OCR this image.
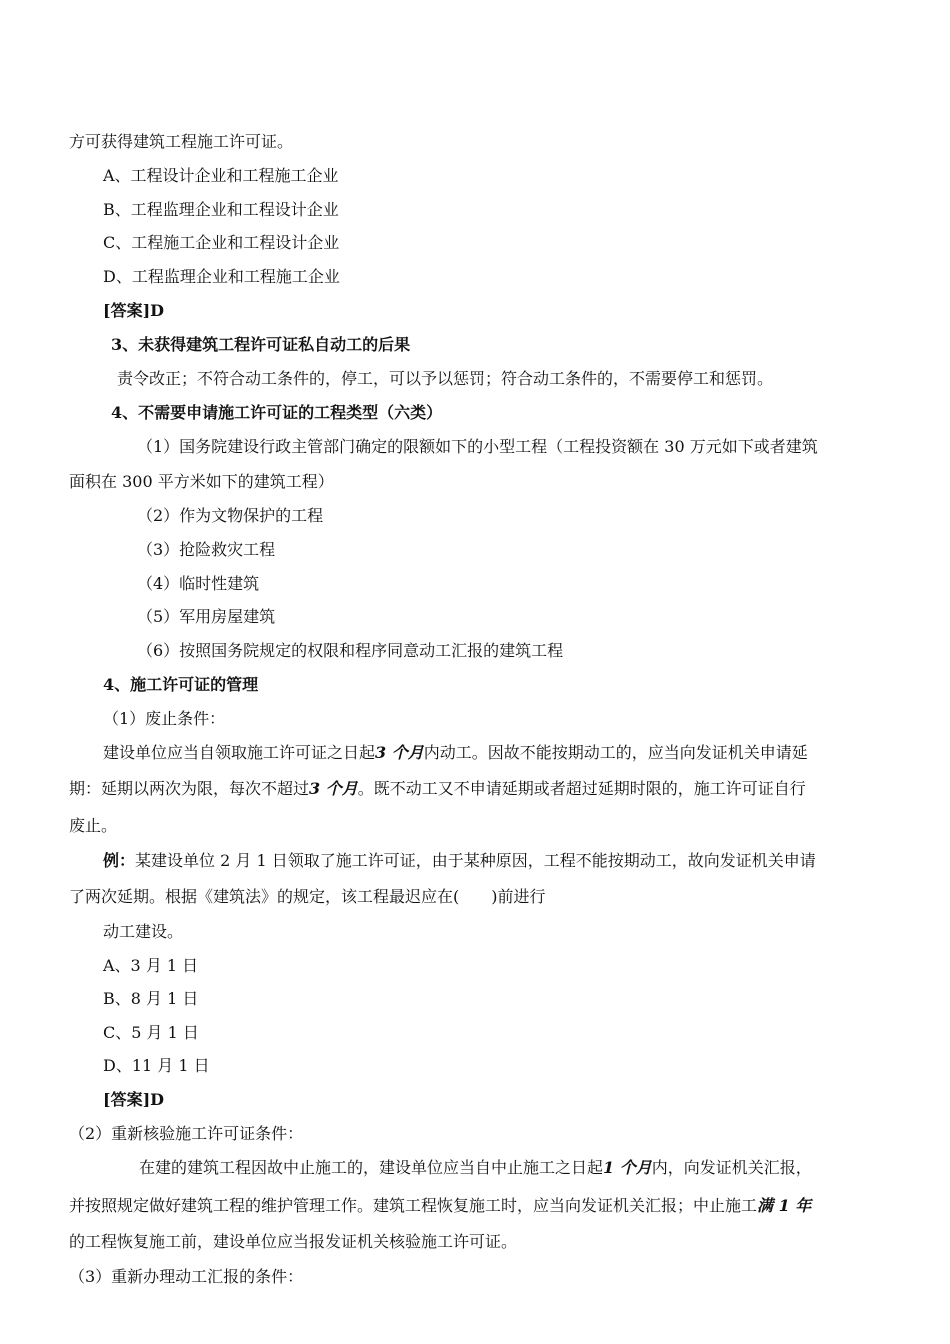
方可获得建筑工程施工许可证。
A、工程设计企业和工程施工企业
B、工程监理企业和工程设计企业
C、工程施工企业和工程设计企业
D、工程监理企业和工程施工企业
[答案]D
3、未获得建筑工程许可证私自动工的后果
责令改正；不符合动工条件的，停工，可以予以惩罚；符合动工条件的，不需要停工和惩罚。
4、不需要申请施工许可证的工程类型（六类）
（1）国务院建设行政主管部门确定的限额如下的小型工程（工程投资额在 30 万元如下或者建筑
面积在 300 平方米如下的建筑工程）
（2）作为文物保护的工程
（3）抢险救灾工程
（4）临时性建筑
（5）军用房屋建筑
（6）按照国务院规定的权限和程序同意动工汇报的建筑工程
4、施工许可证的管理
（1）废止条件：
建设单位应当自领取施工许可证之日起3 个月内动工。因故不能按期动工的，应当向发证机关申请延
期：延期以两次为限，每次不超过3 个月。既不动工又不申请延期或者超过延期时限的，施工许可证自行
废止。
例：某建设单位 2 月 1 日领取了施工许可证，由于某种原因，工程不能按期动工，故向发证机关申请
了两次延期。根据《建筑法》的规定，该工程最迟应在(　　)前进行
动工建设。
A、3 月 1 日
B、8 月 1 日
C、5 月 1 日
D、11 月 1 日
[答案]D
（2）重新核验施工许可证条件：
在建的建筑工程因故中止施工的，建设单位应当自中止施工之日起1 个月内，向发证机关汇报，
并按照规定做好建筑工程的维护管理工作。建筑工程恢复施工时，应当向发证机关汇报；中止施工满 1 年
的工程恢复施工前，建设单位应当报发证机关核验施工许可证。
（3）重新办理动工汇报的条件：
